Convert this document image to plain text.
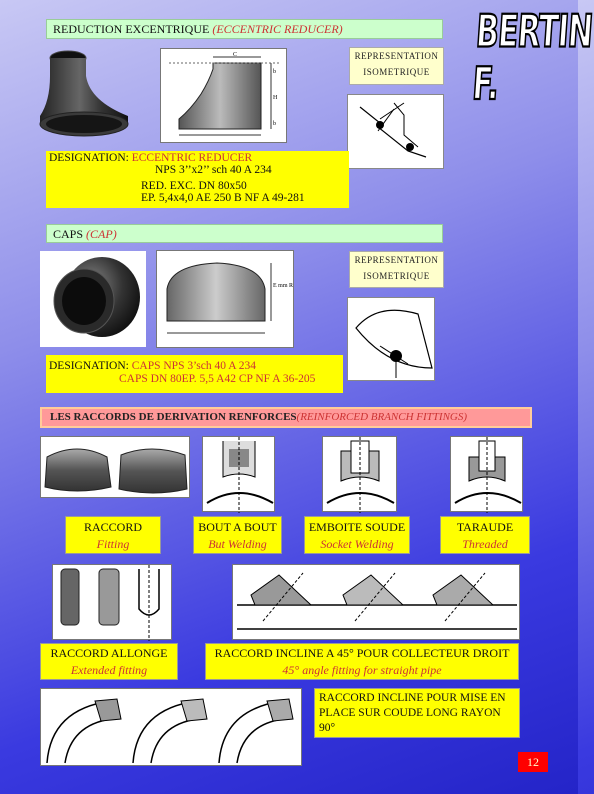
BERTIN F.
REDUCTION EXCENTRIQUE (ECCENTRIC REDUCER)
C
b
H
b
REPRESENTATION
ISOMETRIQUE
DESIGNATION: ECCENTRIC REDUCER
NPS 3’’x2’’ sch 40 A 234
RED. EXC. DN 80x50
EP. 5,4x4,0 AE 250 B NF A 49-281
CAPS (CAP)
E mm R
REPRESENTATION
ISOMETRIQUE
DESIGNATION: CAPS NPS 3’sch 40 A 234
CAPS DN 80EP. 5,5 A42 CP NF A 36-205
LES RACCORDS DE DERIVATION RENFORCES(REINFORCED BRANCH FITTINGS)
RACCORD
Fitting
BOUT A BOUT
But Welding
EMBOITE SOUDE
Socket Welding
TARAUDE
Threaded
RACCORD ALLONGE
Extended fitting
RACCORD INCLINE A 45° POUR COLLECTEUR DROIT
45° angle fitting for straight pipe
RACCORD INCLINE POUR MISE EN
PLACE SUR COUDE LONG RAYON
90°
12
